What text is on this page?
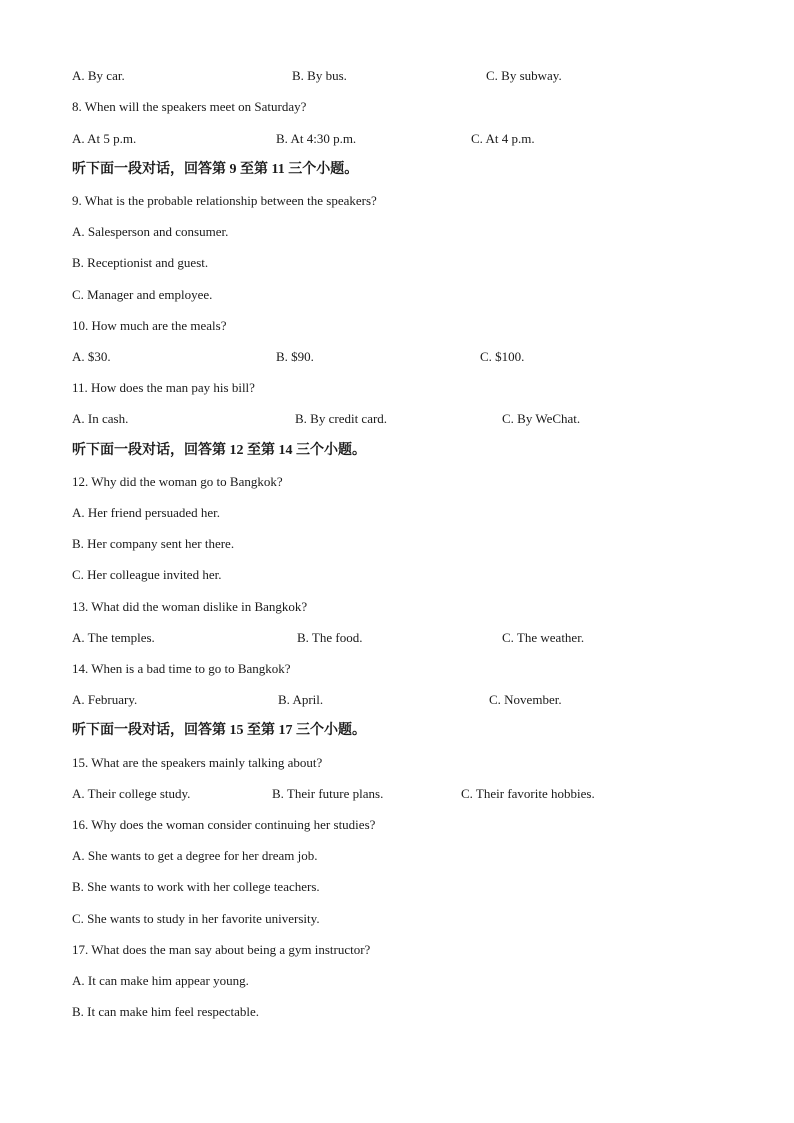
A. By car.	B. By bus.	C. By subway.
8. When will the speakers meet on Saturday?
A. At 5 p.m.	B. At 4:30 p.m.	C. At 4 p.m.
听下面一段对话，回答第 9 至第 11 三个小题。
9. What is the probable relationship between the speakers?
A. Salesperson and consumer.
B. Receptionist and guest.
C. Manager and employee.
10. How much are the meals?
A. $30.	B. $90.	C. $100.
11. How does the man pay his bill?
A. In cash.	B. By credit card.	C. By WeChat.
听下面一段对话，回答第 12 至第 14 三个小题。
12. Why did the woman go to Bangkok?
A. Her friend persuaded her.
B. Her company sent her there.
C. Her colleague invited her.
13. What did the woman dislike in Bangkok?
A. The temples.	B. The food.	C. The weather.
14. When is a bad time to go to Bangkok?
A. February.	B. April.	C. November.
听下面一段对话，回答第 15 至第 17 三个小题。
15. What are the speakers mainly talking about?
A. Their college study.	B. Their future plans.	C. Their favorite hobbies.
16. Why does the woman consider continuing her studies?
A. She wants to get a degree for her dream job.
B. She wants to work with her college teachers.
C. She wants to study in her favorite university.
17. What does the man say about being a gym instructor?
A. It can make him appear young.
B. It can make him feel respectable.
